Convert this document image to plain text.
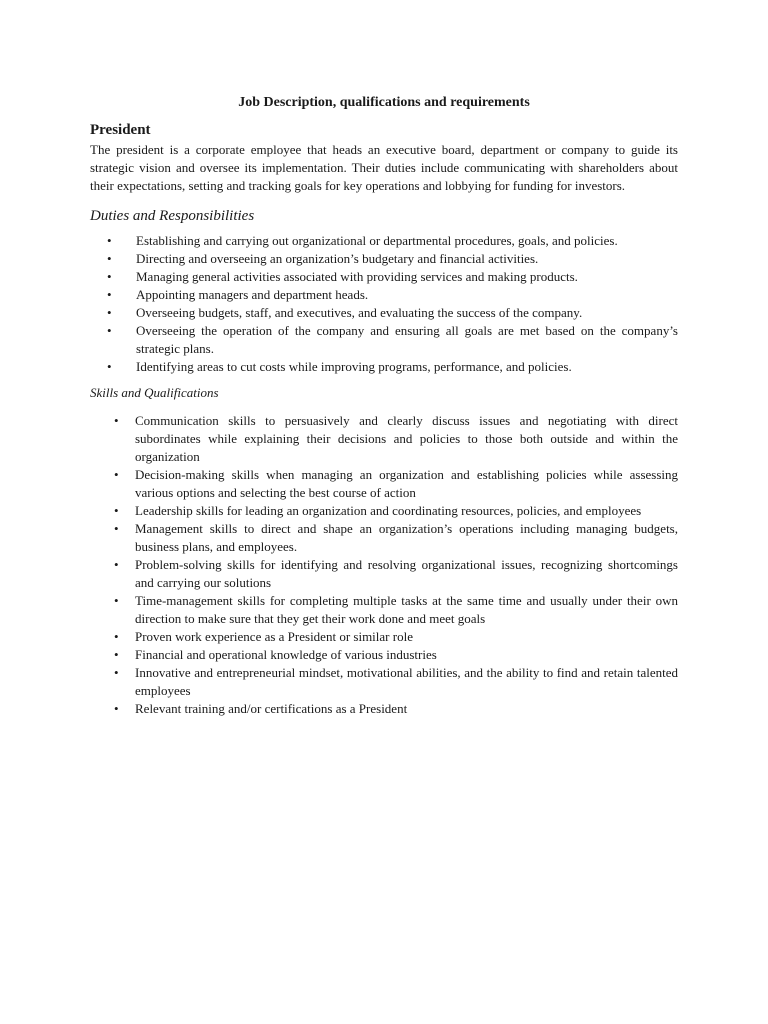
Job Description, qualifications and requirements
President

The president is a corporate employee that heads an executive board, department or company to guide its strategic vision and oversee its implementation. Their duties include communicating with shareholders about their expectations, setting and tracking goals for key operations and lobbying for funding for investors.

Duties and Responsibilities
• Establishing and carrying out organizational or departmental procedures, goals, and policies.
• Directing and overseeing an organization’s budgetary and financial activities.
• Managing general activities associated with providing services and making products.
• Appointing managers and department heads.
• Overseeing budgets, staff, and executives, and evaluating the success of the company.
• Overseeing the operation of the company and ensuring all goals are met based on the company’s strategic plans.
• Identifying areas to cut costs while improving programs, performance, and policies.
Skills and Qualifications
• Communication skills to persuasively and clearly discuss issues and negotiating with direct subordinates while explaining their decisions and policies to those both outside and within the organization
• Decision-making skills when managing an organization and establishing policies while assessing various options and selecting the best course of action
• Leadership skills for leading an organization and coordinating resources, policies, and employees
• Management skills to direct and shape an organization’s operations including managing budgets, business plans, and employees.
• Problem-solving skills for identifying and resolving organizational issues, recognizing shortcomings and carrying our solutions
• Time-management skills for completing multiple tasks at the same time and usually under their own direction to make sure that they get their work done and meet goals
• Proven work experience as a President or similar role
• Financial and operational knowledge of various industries
• Innovative and entrepreneurial mindset, motivational abilities, and the ability to find and retain talented employees
• Relevant training and/or certifications as a President
